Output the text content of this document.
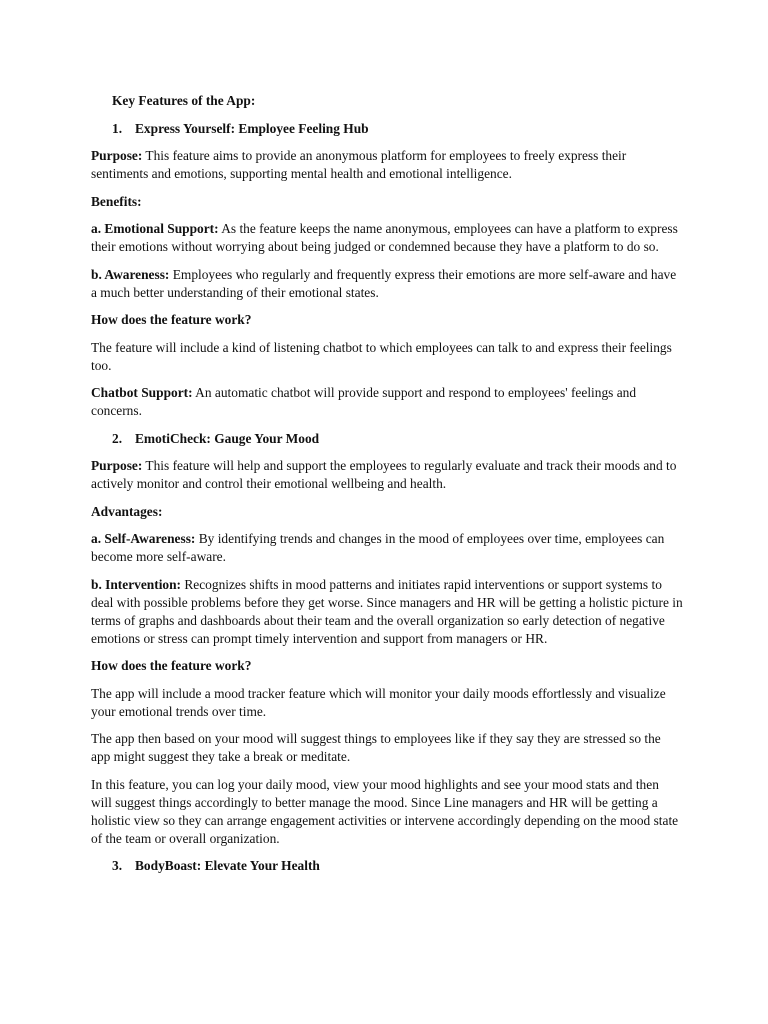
Key Features of the App:

1. Express Yourself: Employee Feeling Hub

Purpose: This feature aims to provide an anonymous platform for employees to freely express their sentiments and emotions, supporting mental health and emotional intelligence.

Benefits:

a. Emotional Support: As the feature keeps the name anonymous, employees can have a platform to express their emotions without worrying about being judged or condemned because they have a platform to do so.

b. Awareness: Employees who regularly and frequently express their emotions are more self-aware and have a much better understanding of their emotional states.

How does the feature work?

The feature will include a kind of listening chatbot to which employees can talk to and express their feelings too.

Chatbot Support: An automatic chatbot will provide support and respond to employees' feelings and concerns.

2. EmotiCheck: Gauge Your Mood

Purpose: This feature will help and support the employees to regularly evaluate and track their moods and to actively monitor and control their emotional wellbeing and health.

Advantages:

a. Self-Awareness: By identifying trends and changes in the mood of employees over time, employees can become more self-aware.

b. Intervention: Recognizes shifts in mood patterns and initiates rapid interventions or support systems to deal with possible problems before they get worse. Since managers and HR will be getting a holistic picture in terms of graphs and dashboards about their team and the overall organization so early detection of negative emotions or stress can prompt timely intervention and support from managers or HR.

How does the feature work?

The app will include a mood tracker feature which will monitor your daily moods effortlessly and visualize your emotional trends over time.

The app then based on your mood will suggest things to employees like if they say they are stressed so the app might suggest they take a break or meditate.

In this feature, you can log your daily mood, view your mood highlights and see your mood stats and then will suggest things accordingly to better manage the mood. Since Line managers and HR will be getting a holistic view so they can arrange engagement activities or intervene accordingly depending on the mood state of the team or overall organization.

3. BodyBoast: Elevate Your Health
